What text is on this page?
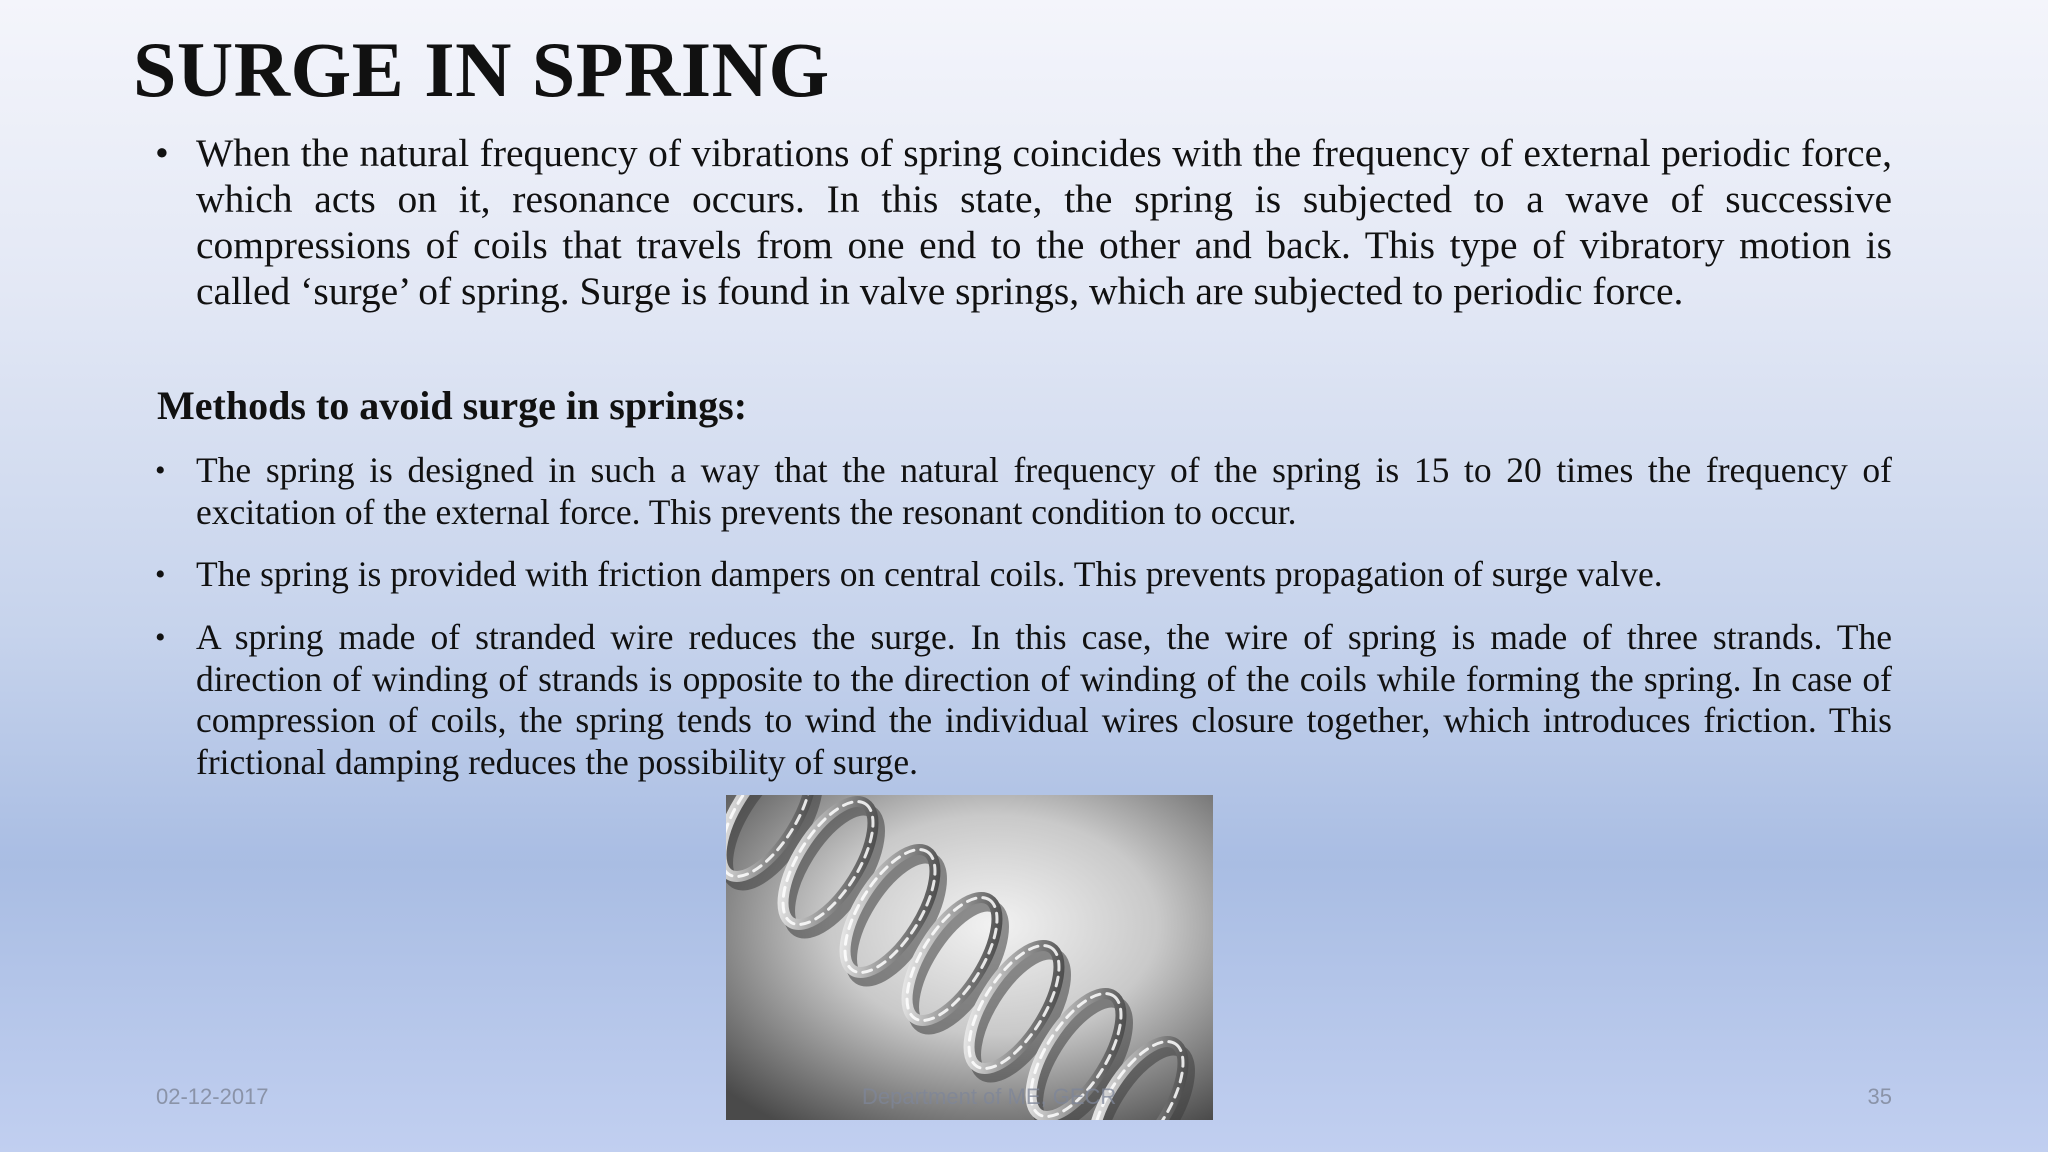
SURGE IN SPRING
• When the natural frequency of vibrations of spring coincides with the frequency of external periodic force, which acts on it, resonance occurs. In this state, the spring is subjected to a wave of successive compressions of coils that travels from one end to the other and back. This type of vibratory motion is called ‘surge’ of spring. Surge is found in valve springs, which are subjected to periodic force.
Methods to avoid surge in springs:
• The spring is designed in such a way that the natural frequency of the spring is 15 to 20 times the frequency of excitation of the external force. This prevents the resonant condition to occur.
• The spring is provided with friction dampers on central coils. This prevents propagation of surge valve.
• A spring made of stranded wire reduces the surge. In this case, the wire of spring is made of three strands. The direction of winding of strands is opposite to the direction of winding of the coils while forming the spring. In case of compression of coils, the spring tends to wind the individual wires closure together, which introduces friction. This frictional damping reduces the possibility of surge.
02-12-2017	Department of ME, GECR	35
